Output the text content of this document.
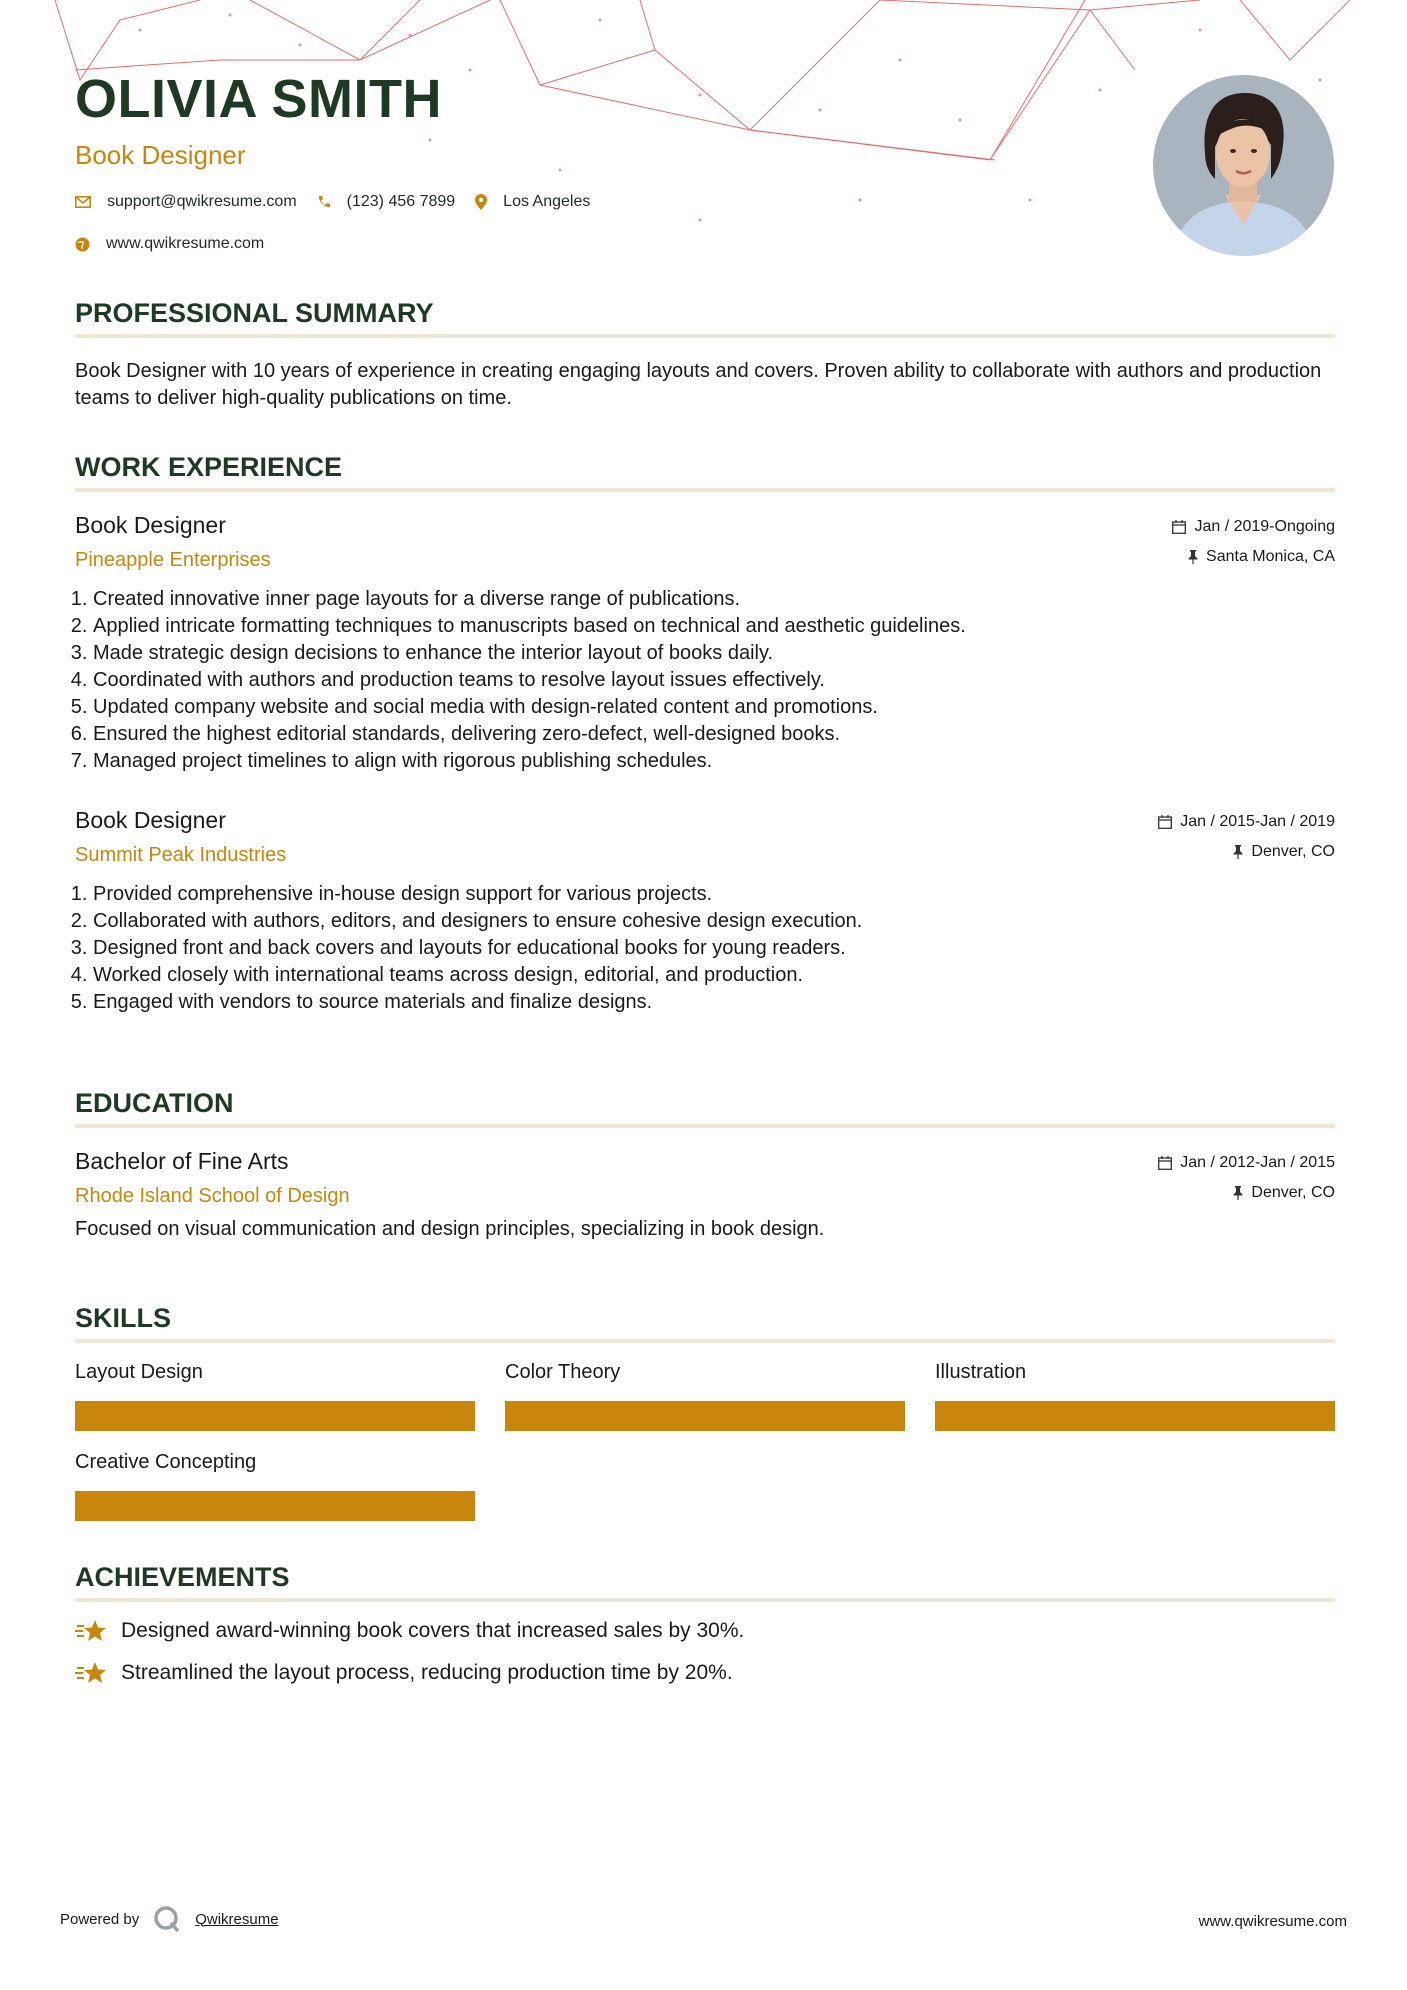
OLIVIA SMITH
Book Designer
support@qwikresume.com	(123) 456 7899	Los Angeles
www.qwikresume.com
PROFESSIONAL SUMMARY
Book Designer with 10 years of experience in creating engaging layouts and covers. Proven ability to collaborate with authors and production teams to deliver high-quality publications on time.
WORK EXPERIENCE
Book Designer
Pineapple Enterprises
Jan / 2019-Ongoing
Santa Monica, CA
1. Created innovative inner page layouts for a diverse range of publications.
2. Applied intricate formatting techniques to manuscripts based on technical and aesthetic guidelines.
3. Made strategic design decisions to enhance the interior layout of books daily.
4. Coordinated with authors and production teams to resolve layout issues effectively.
5. Updated company website and social media with design-related content and promotions.
6. Ensured the highest editorial standards, delivering zero-defect, well-designed books.
7. Managed project timelines to align with rigorous publishing schedules.
Book Designer
Summit Peak Industries
Jan / 2015-Jan / 2019
Denver, CO
1. Provided comprehensive in-house design support for various projects.
2. Collaborated with authors, editors, and designers to ensure cohesive design execution.
3. Designed front and back covers and layouts for educational books for young readers.
4. Worked closely with international teams across design, editorial, and production.
5. Engaged with vendors to source materials and finalize designs.
EDUCATION
Bachelor of Fine Arts
Rhode Island School of Design
Jan / 2012-Jan / 2015
Denver, CO
Focused on visual communication and design principles, specializing in book design.
SKILLS
Layout Design	Color Theory	Illustration
Creative Concepting
ACHIEVEMENTS
Designed award-winning book covers that increased sales by 30%.
Streamlined the layout process, reducing production time by 20%.
Powered by	Qwikresume	www.qwikresume.com
